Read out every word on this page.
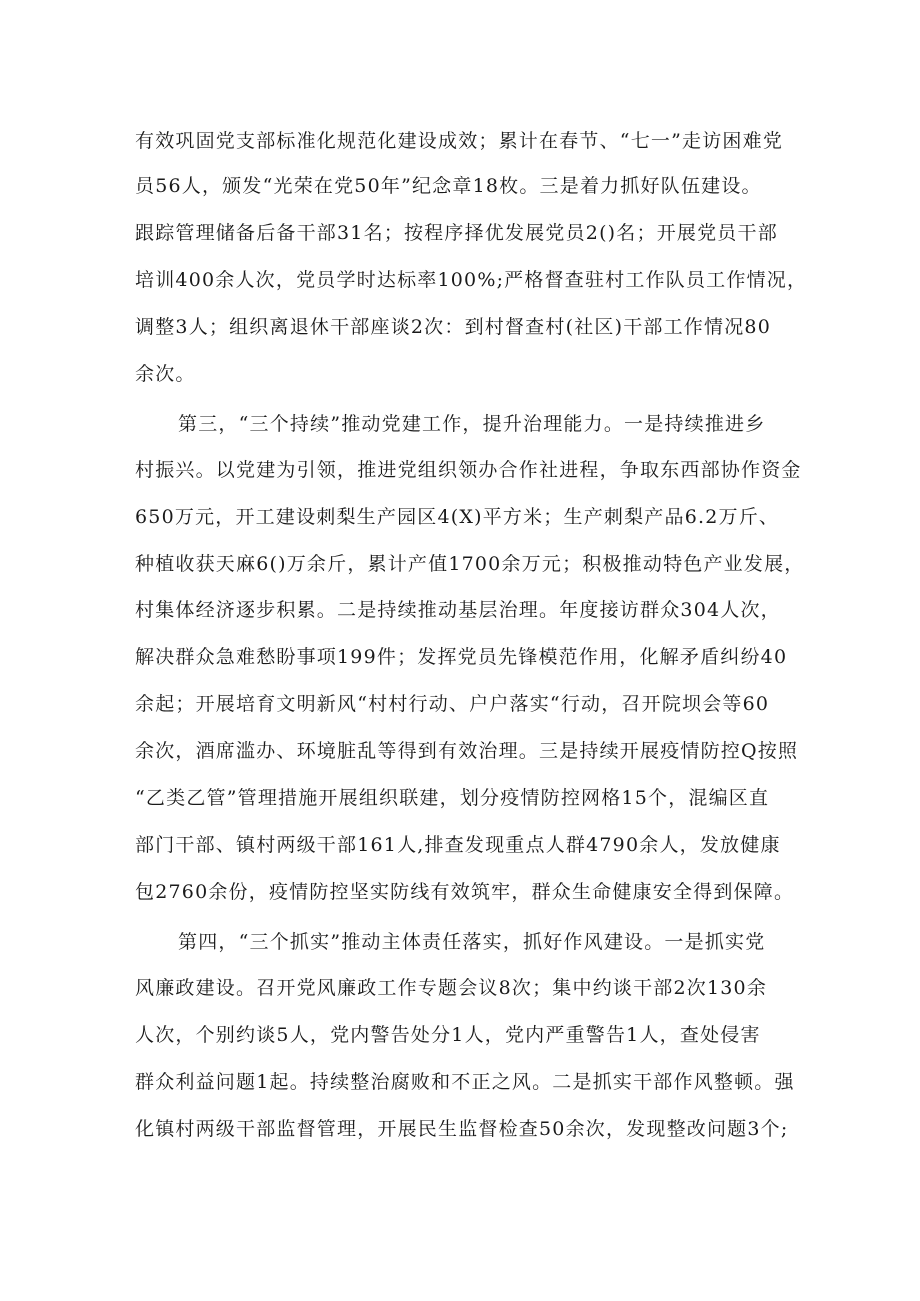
有效巩固党支部标准化规范化建设成效；累计在春节、“七一”走访困难党
员56人，颁发“光荣在党50年”纪念章18枚。三是着力抓好队伍建设。
跟踪管理储备后备干部31名；按程序择优发展党员2()名；开展党员干部
培训400余人次，党员学时达标率100%;严格督查驻村工作队员工作情况，
调整3人；组织离退休干部座谈2次：到村督查村(社区)干部工作情况80
余次。
第三，“三个持续”推动党建工作，提升治理能力。一是持续推进乡
村振兴。以党建为引领，推进党组织领办合作社进程，争取东西部协作资金
650万元，开工建设刺梨生产园区4(X)平方米；生产刺梨产品6.2万斤、
种植收获天麻6()万余斤，累计产值1700余万元；积极推动特色产业发展，
村集体经济逐步积累。二是持续推动基层治理。年度接访群众304人次，
解决群众急难愁盼事项199件；发挥党员先锋模范作用，化解矛盾纠纷40
余起；开展培育文明新风“村村行动、户户落实“行动，召开院坝会等60
余次，酒席滥办、环境脏乱等得到有效治理。三是持续开展疫情防控Q按照
“乙类乙管”管理措施开展组织联建，划分疫情防控网格15个，混编区直
部门干部、镇村两级干部161人,排查发现重点人群4790余人，发放健康
包2760余份，疫情防控坚实防线有效筑牢，群众生命健康安全得到保障。
第四，“三个抓实”推动主体责任落实，抓好作风建设。一是抓实党
风廉政建设。召开党风廉政工作专题会议8次；集中约谈干部2次130余
人次，个别约谈5人，党内警告处分1人，党内严重警告1人，查处侵害
群众利益问题1起。持续整治腐败和不正之风。二是抓实干部作风整顿。强
化镇村两级干部监督管理，开展民生监督检查50余次，发现整改问题3个;
